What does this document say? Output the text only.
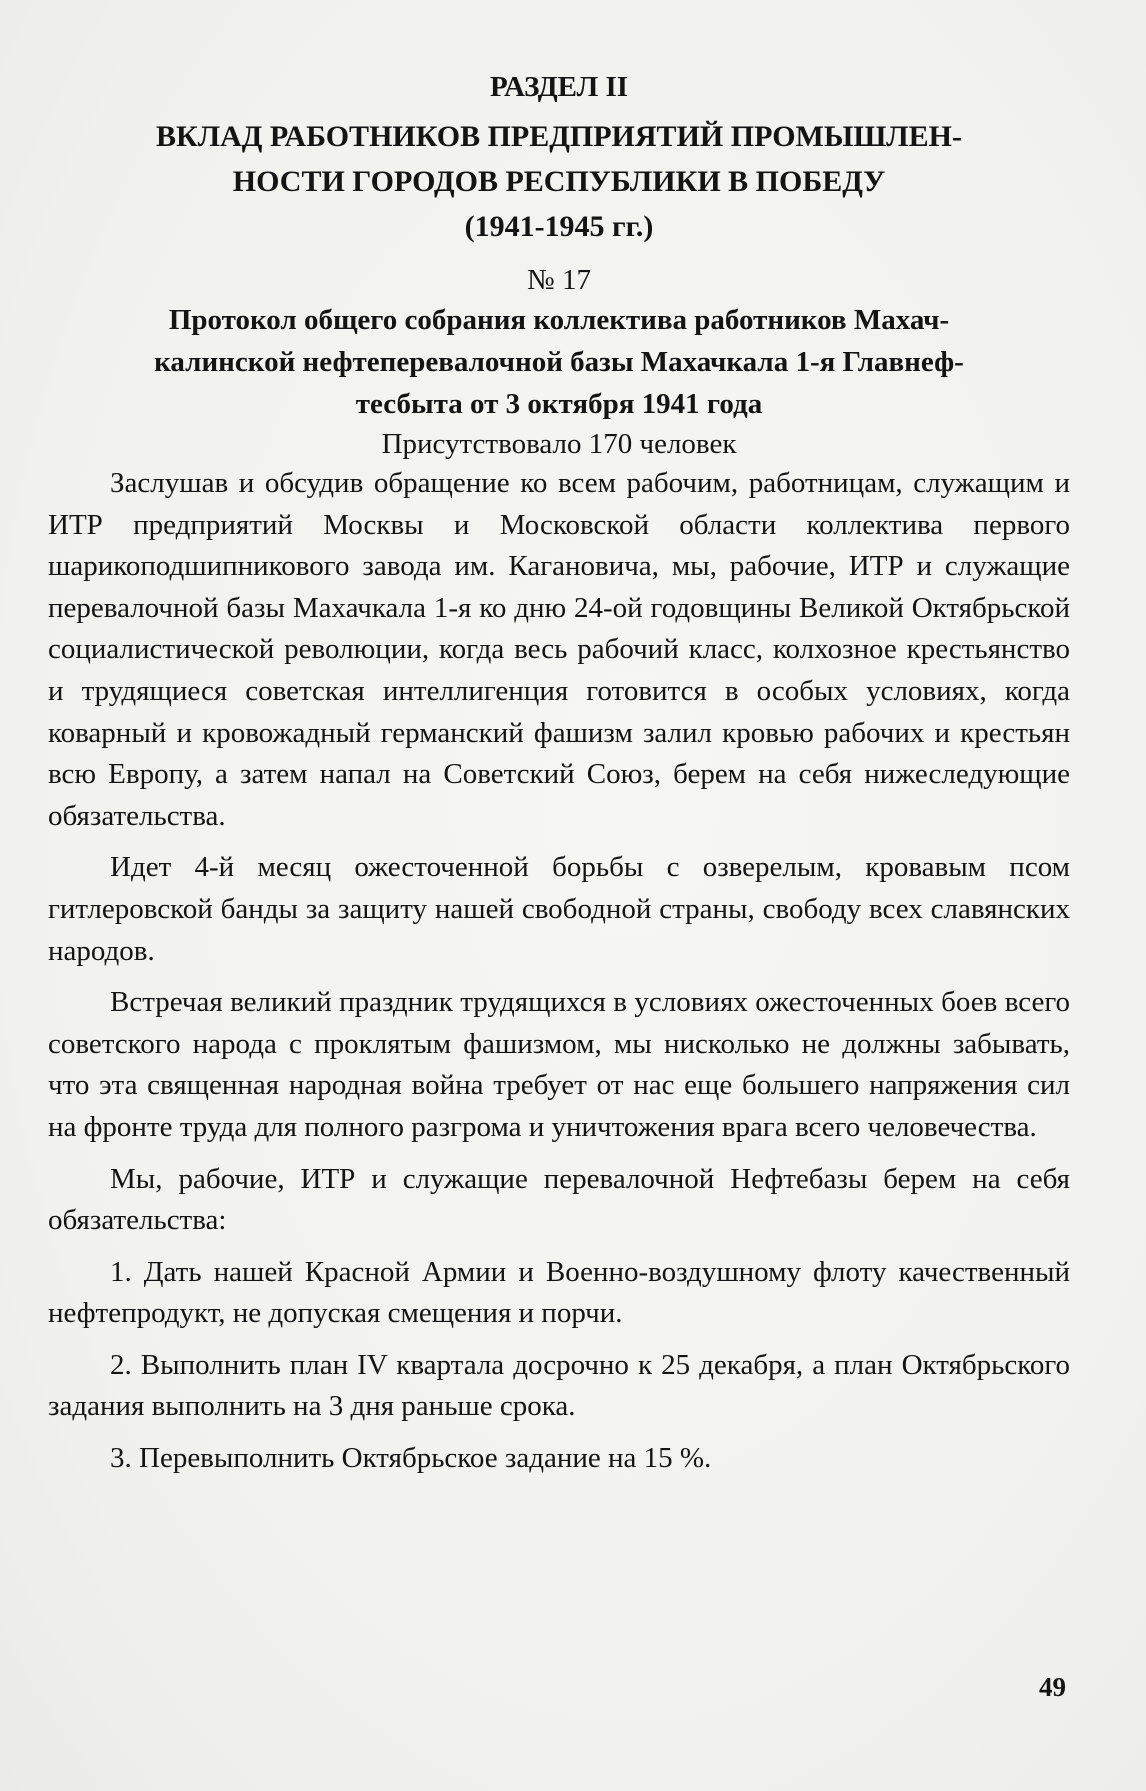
РАЗДЕЛ II

ВКЛАД РАБОТНИКОВ ПРЕДПРИЯТИЙ ПРОМЫШЛЕН-
НОСТИ ГОРОДОВ РЕСПУБЛИКИ В ПОБЕДУ
(1941-1945 гг.)

№ 17

Протокол общего собрания коллектива работников Махач-
калинской нефтеперевалочной базы Махачкала 1-я Главнеф-
тесбыта от 3 октября 1941 года

Присутствовало 170 человек

Заслушав и обсудив обращение ко всем рабочим, работницам, служащим и ИТР предприятий Москвы и Московской области коллектива первого шарикоподшипникового завода им. Кагановича, мы, рабочие, ИТР и служащие перевалочной базы Махачкала 1-я ко дню 24-ой годовщины Великой Октябрьской социалистической революции, когда весь рабочий класс, колхозное крестьянство и трудящиеся советская интеллигенция готовится в особых условиях, когда коварный и кровожадный германский фашизм залил кровью рабочих и крестьян всю Европу, а затем напал на Советский Союз, берем на себя нижеследующие обязательства.

Идет 4-й месяц ожесточенной борьбы с озверелым, кровавым псом гитлеровской банды за защиту нашей свободной страны, свободу всех славянских народов.

Встречая великий праздник трудящихся в условиях ожесточенных боев всего советского народа с проклятым фашизмом, мы нисколько не должны забывать, что эта священная народная война требует от нас еще большего напряжения сил на фронте труда для полного разгрома и уничтожения врага всего человечества.

Мы, рабочие, ИТР и служащие перевалочной Нефтебазы берем на себя обязательства:

1. Дать нашей Красной Армии и Военно-воздушному флоту качественный нефтепродукт, не допуская смещения и порчи.

2. Выполнить план IV квартала досрочно к 25 декабря, а план Октябрьского задания выполнить на 3 дня раньше срока.

3. Перевыполнить Октябрьское задание на 15 %.

49
